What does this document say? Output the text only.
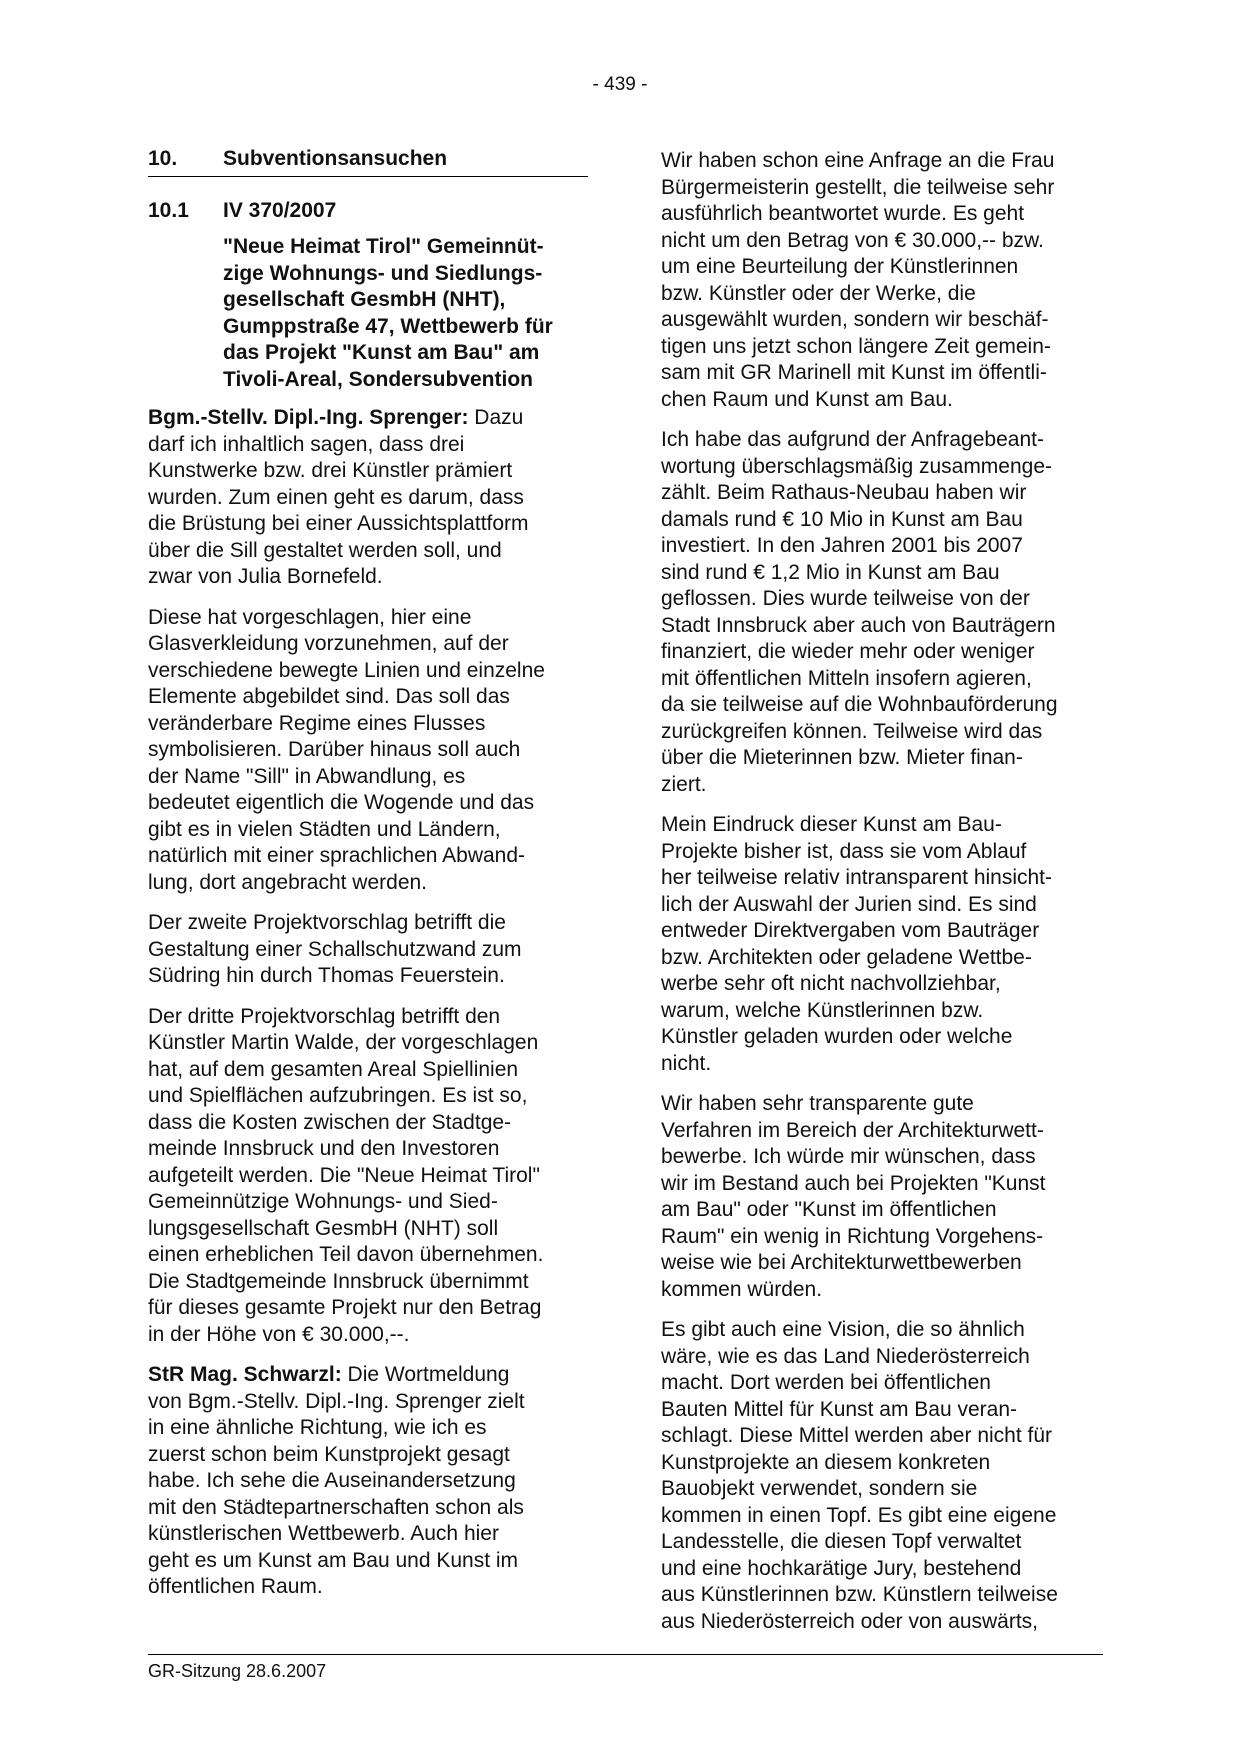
- 439 -
10.	Subventionsansuchen
10.1	IV 370/2007
"Neue Heimat Tirol" Gemeinnüt-
zige Wohnungs- und Siedlungs-
gesellschaft GesmbH (NHT),
Gumppstraße 47, Wettbewerb für
das Projekt "Kunst am Bau" am
Tivoli-Areal, Sondersubvention

Bgm.-Stellv. Dipl.-Ing. Sprenger: Dazu
darf ich inhaltlich sagen, dass drei
Kunstwerke bzw. drei Künstler prämiert
wurden. Zum einen geht es darum, dass
die Brüstung bei einer Aussichtsplattform
über die Sill gestaltet werden soll, und
zwar von Julia Bornefeld.

Diese hat vorgeschlagen, hier eine
Glasverkleidung vorzunehmen, auf der
verschiedene bewegte Linien und einzelne
Elemente abgebildet sind. Das soll das
veränderbare Regime eines Flusses
symbolisieren. Darüber hinaus soll auch
der Name "Sill" in Abwandlung, es
bedeutet eigentlich die Wogende und das
gibt es in vielen Städten und Ländern,
natürlich mit einer sprachlichen Abwand-
lung, dort angebracht werden.

Der zweite Projektvorschlag betrifft die
Gestaltung einer Schallschutzwand zum
Südring hin durch Thomas Feuerstein.

Der dritte Projektvorschlag betrifft den
Künstler Martin Walde, der vorgeschlagen
hat, auf dem gesamten Areal Spiellinien
und Spielflächen aufzubringen. Es ist so,
dass die Kosten zwischen der Stadtge-
meinde Innsbruck und den Investoren
aufgeteilt werden. Die "Neue Heimat Tirol"
Gemeinnützige Wohnungs- und Sied-
lungsgesellschaft GesmbH (NHT) soll
einen erheblichen Teil davon übernehmen.
Die Stadtgemeinde Innsbruck übernimmt
für dieses gesamte Projekt nur den Betrag
in der Höhe von € 30.000,--.

StR Mag. Schwarzl: Die Wortmeldung
von Bgm.-Stellv. Dipl.-Ing. Sprenger zielt
in eine ähnliche Richtung, wie ich es
zuerst schon beim Kunstprojekt gesagt
habe. Ich sehe die Auseinandersetzung
mit den Städtepartnerschaften schon als
künstlerischen Wettbewerb. Auch hier
geht es um Kunst am Bau und Kunst im
öffentlichen Raum.

Wir haben schon eine Anfrage an die Frau
Bürgermeisterin gestellt, die teilweise sehr
ausführlich beantwortet wurde. Es geht
nicht um den Betrag von € 30.000,-- bzw.
um eine Beurteilung der Künstlerinnen
bzw. Künstler oder der Werke, die
ausgewählt wurden, sondern wir beschäf-
tigen uns jetzt schon längere Zeit gemein-
sam mit GR Marinell mit Kunst im öffentli-
chen Raum und Kunst am Bau.

Ich habe das aufgrund der Anfragebeant-
wortung überschlagsmäßig zusammenge-
zählt. Beim Rathaus-Neubau haben wir
damals rund € 10 Mio in Kunst am Bau
investiert. In den Jahren 2001 bis 2007
sind rund € 1,2 Mio in Kunst am Bau
geflossen. Dies wurde teilweise von der
Stadt Innsbruck aber auch von Bauträgern
finanziert, die wieder mehr oder weniger
mit öffentlichen Mitteln insofern agieren,
da sie teilweise auf die Wohnbauförderung
zurückgreifen können. Teilweise wird das
über die Mieterinnen bzw. Mieter finan-
ziert.

Mein Eindruck dieser Kunst am Bau-
Projekte bisher ist, dass sie vom Ablauf
her teilweise relativ intransparent hinsicht-
lich der Auswahl der Jurien sind. Es sind
entweder Direktvergaben vom Bauträger
bzw. Architekten oder geladene Wettbe-
werbe sehr oft nicht nachvollziehbar,
warum, welche Künstlerinnen bzw.
Künstler geladen wurden oder welche
nicht.

Wir haben sehr transparente gute
Verfahren im Bereich der Architekturwett-
bewerbe. Ich würde mir wünschen, dass
wir im Bestand auch bei Projekten "Kunst
am Bau" oder "Kunst im öffentlichen
Raum" ein wenig in Richtung Vorgehens-
weise wie bei Architekturwettbewerben
kommen würden.

Es gibt auch eine Vision, die so ähnlich
wäre, wie es das Land Niederösterreich
macht. Dort werden bei öffentlichen
Bauten Mittel für Kunst am Bau veran-
schlagt. Diese Mittel werden aber nicht für
Kunstprojekte an diesem konkreten
Bauobjekt verwendet, sondern sie
kommen in einen Topf. Es gibt eine eigene
Landesstelle, die diesen Topf verwaltet
und eine hochkarätige Jury, bestehend
aus Künstlerinnen bzw. Künstlern teilweise
aus Niederösterreich oder von auswärts,

GR-Sitzung 28.6.2007
